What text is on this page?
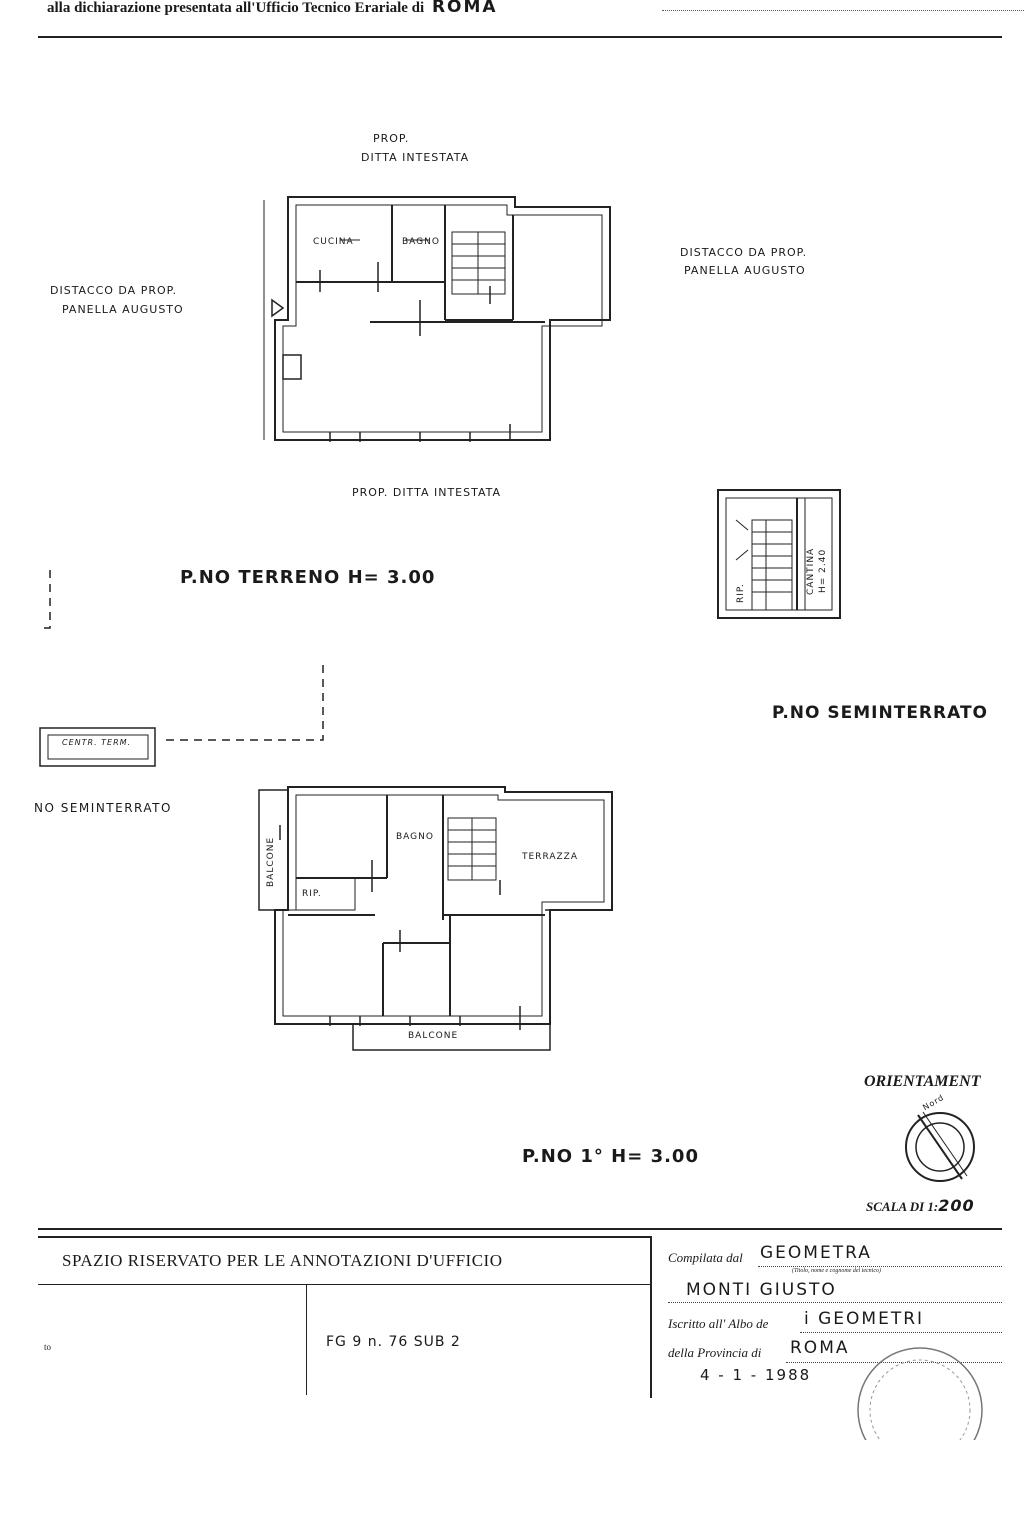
alla dichiarazione presentata all'Ufficio Tecnico Erariale di ROMA
PROP.
DITTA INTESTATA
DISTACCO DA PROP.
PANELLA AUGUSTO
DISTACCO DA PROP.
PANELLA AUGUSTO
CUCINA	BAGNO
PROP. DITTA INTESTATA
P.NO TERRENO H= 3.00	CANTINA H= 2.40
RIP.
P.NO SEMINTERRATO
CENTR. TERM.
NO SEMINTERRATO
BALCONE	BAGNO
TERRAZZA
RIP.
BALCONE
P.NO 1° H= 3.00
ORIENTAMENT
Nord
SCALA DI 1:200
SPAZIO RISERVATO PER LE ANNOTAZIONI D'UFFICIO
FG 9 n. 76 SUB 2
to
Compilata dal GEOMETRA
(Titolo, nome e cognome del tecnico)
MONTI GIUSTO
Iscritto all' Albo de i GEOMETRI
della Provincia di ROMA
4 - 1 - 1988
